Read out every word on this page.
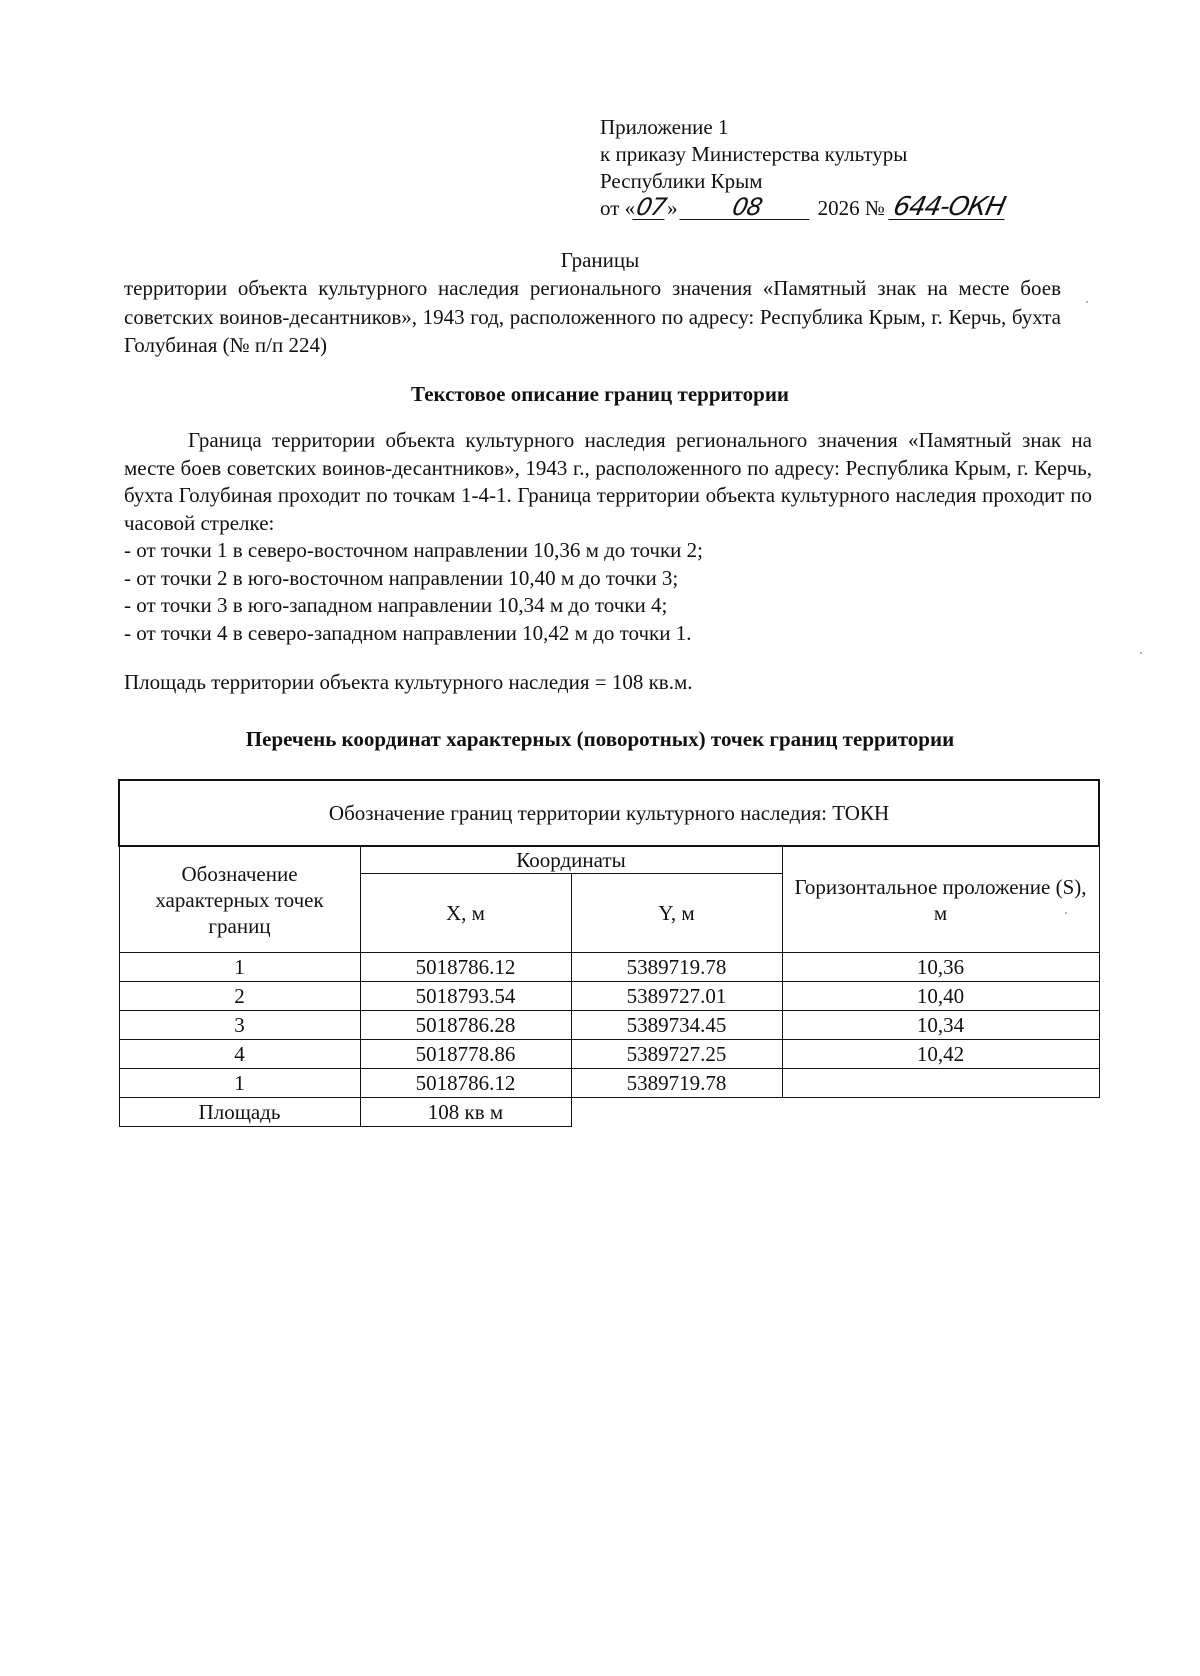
Приложение 1
к приказу Министерства культуры
Республики Крым
от «
07
»	08	2026 № 644-ОКН
Границы
территории объекта культурного наследия регионального значения «Памятный знак на месте боев советских воинов-десантников», 1943 год, расположенного по адресу: Республика Крым, г. Керчь, бухта Голубиная (№ п/п 224)
Текстовое описание границ территории

Граница территории объекта культурного наследия регионального значения «Памятный знак на месте боев советских воинов-десантников», 1943 г., расположенного по адресу: Республика Крым, г. Керчь, бухта Голубиная проходит по точкам 1-4-1. Граница территории объекта культурного наследия проходит по часовой стрелке:

- от точки 1 в северо-восточном направлении 10,36 м до точки 2;

- от точки 2 в юго-восточном направлении 10,40 м до точки 3;

- от точки 3 в юго-западном направлении 10,34 м до точки 4;

- от точки 4 в северо-западном направлении 10,42 м до точки 1.

Площадь территории объекта культурного наследия = 108 кв.м.
Перечень координат характерных (поворотных) точек границ территории
Обозначение границ территории культурного наследия: ТОКН			
Обозначение характерных точек границ	Координаты		Горизонтальное проложение (S), м
	X, м	Y, м	
1	5018786.12	5389719.78	10,36
2	5018793.54	5389727.01	10,40
3	5018786.28	5389734.45	10,34
4	5018778.86	5389727.25	10,42
1	5018786.12	5389719.78	
Площадь	108 кв м		
